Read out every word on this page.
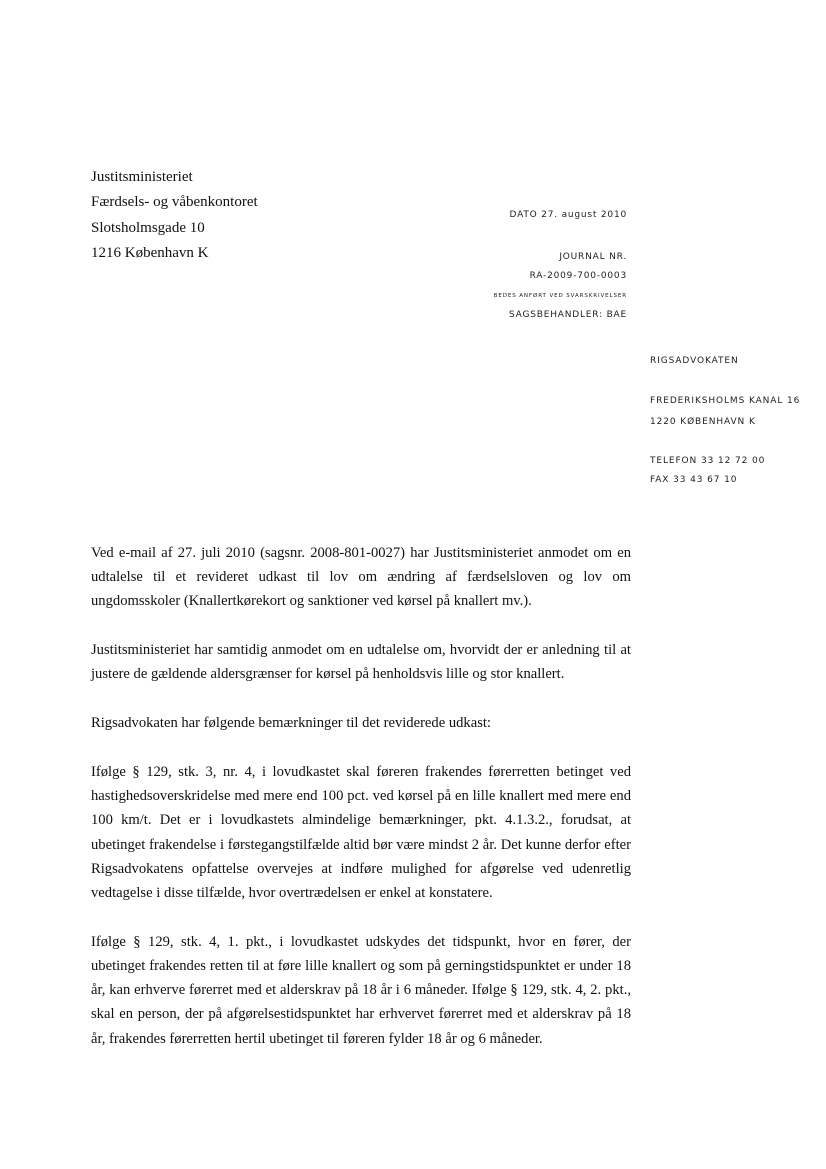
Justitsministeriet
Færdsels- og våbenkontoret
Slotsholmsgade 10
1216 København K
DATO 27. august 2010
JOURNAL NR.
RA-2009-700-0003
BEDES ANFØRT VED SVARSKRIVELSER
SAGSBEHANDLER: BAE
RIGSADVOKATEN
FREDERIKSHOLMS KANAL 16
1220 KØBENHAVN K
TELEFON 33 12 72 00
FAX 33 43 67 10

Ved e-mail af 27. juli 2010 (sagsnr. 2008-801-0027) har Justitsministeriet anmodet om en udtalelse til et revideret udkast til lov om ændring af færdselsloven og lov om ungdomsskoler (Knallertkørekort og sanktioner ved kørsel på knallert mv.).

Justitsministeriet har samtidig anmodet om en udtalelse om, hvorvidt der er anledning til at justere de gældende aldersgrænser for kørsel på henholdsvis lille og stor knallert.

Rigsadvokaten har følgende bemærkninger til det reviderede udkast:

Ifølge § 129, stk. 3, nr. 4, i lovudkastet skal føreren frakendes førerretten betinget ved hastighedsoverskridelse med mere end 100 pct. ved kørsel på en lille knallert med mere end 100 km/t. Det er i lovudkastets almindelige bemærkninger, pkt. 4.1.3.2., forudsat, at ubetinget frakendelse i førstegangstilfælde altid bør være mindst 2 år. Det kunne derfor efter Rigsadvokatens opfattelse overvejes at indføre mulighed for afgørelse ved udenretlig vedtagelse i disse tilfælde, hvor overtrædelsen er enkel at konstatere.

Ifølge § 129, stk. 4, 1. pkt., i lovudkastet udskydes det tidspunkt, hvor en fører, der ubetinget frakendes retten til at føre lille knallert og som på gerningstidspunktet er under 18 år, kan erhverve førerret med et alderskrav på 18 år i 6 måneder. Ifølge § 129, stk. 4, 2. pkt., skal en person, der på afgørelsestidspunktet har erhvervet førerret med et alderskrav på 18 år, frakendes førerretten hertil ubetinget til føreren fylder 18 år og 6 måneder.
